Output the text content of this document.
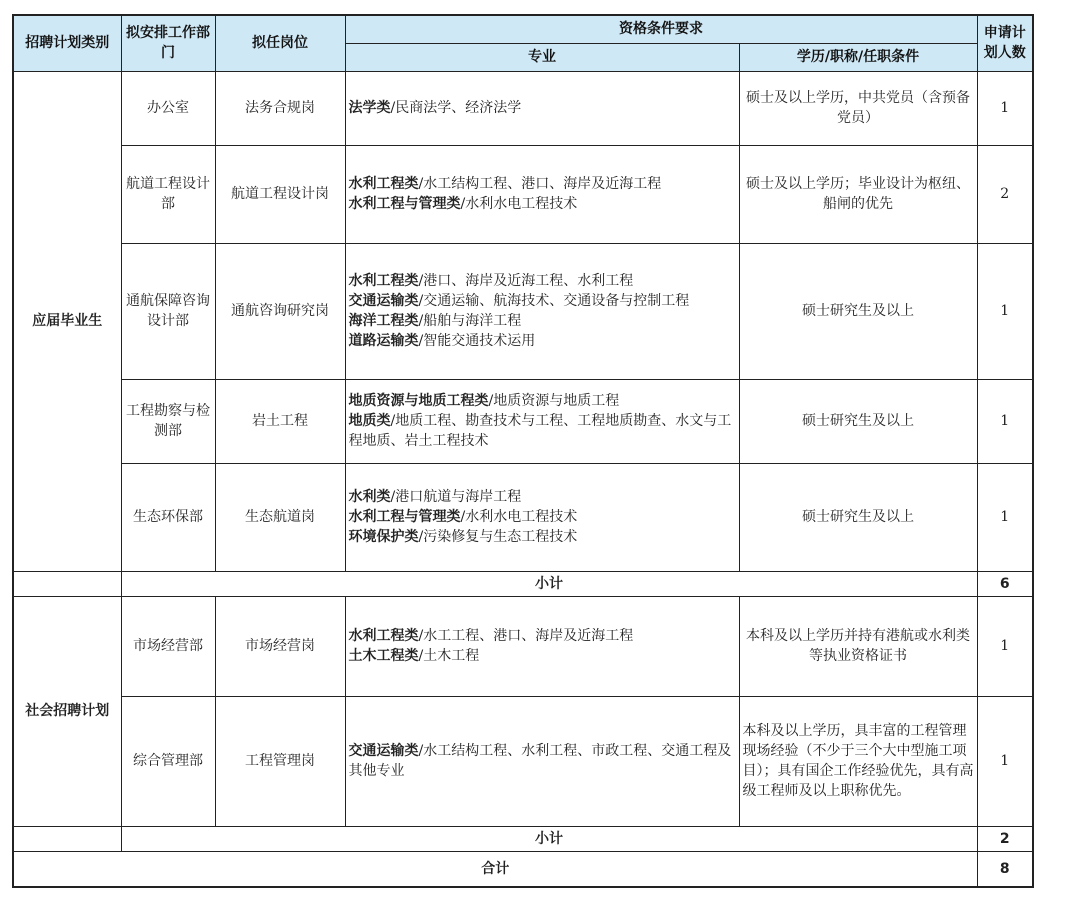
招聘计划类别	拟安排工作部门	拟任岗位	资格条件要求		申请计划人数
			专业	学历/职称/任职条件	
应届毕业生	办公室	法务合规岗	法学类/民商法学、经济法学	硕士及以上学历，中共党员（含预备党员）	1
	航道工程设计部	航道工程设计岗	水利工程类/水工结构工程、港口、海岸及近海工程
水利工程与管理类/水利水电工程技术	硕士及以上学历；毕业设计为枢纽、船闸的优先	2
	通航保障咨询设计部	通航咨询研究岗	水利工程类/港口、海岸及近海工程、水利工程
交通运输类/交通运输、航海技术、交通设备与控制工程
海洋工程类/船舶与海洋工程
道路运输类/智能交通技术运用	硕士研究生及以上	1
	工程勘察与检测部	岩土工程	地质资源与地质工程类/地质资源与地质工程
地质类/地质工程、勘查技术与工程、工程地质勘查、水文与工程地质、岩土工程技术	硕士研究生及以上	1
	生态环保部	生态航道岗	水利类/港口航道与海岸工程
水利工程与管理类/水利水电工程技术
环境保护类/污染修复与生态工程技术	硕士研究生及以上	1
	小计				6
社会招聘计划	市场经营部	市场经营岗	水利工程类/水工工程、港口、海岸及近海工程
土木工程类/土木工程	本科及以上学历并持有港航或水利类等执业资格证书	1
	综合管理部	工程管理岗	交通运输类/水工结构工程、水利工程、市政工程、交通工程及其他专业	本科及以上学历，具丰富的工程管理现场经验（不少于三个大中型施工项目）；具有国企工作经验优先，具有高级工程师及以上职称优先。	1
	小计				2
合计					8
